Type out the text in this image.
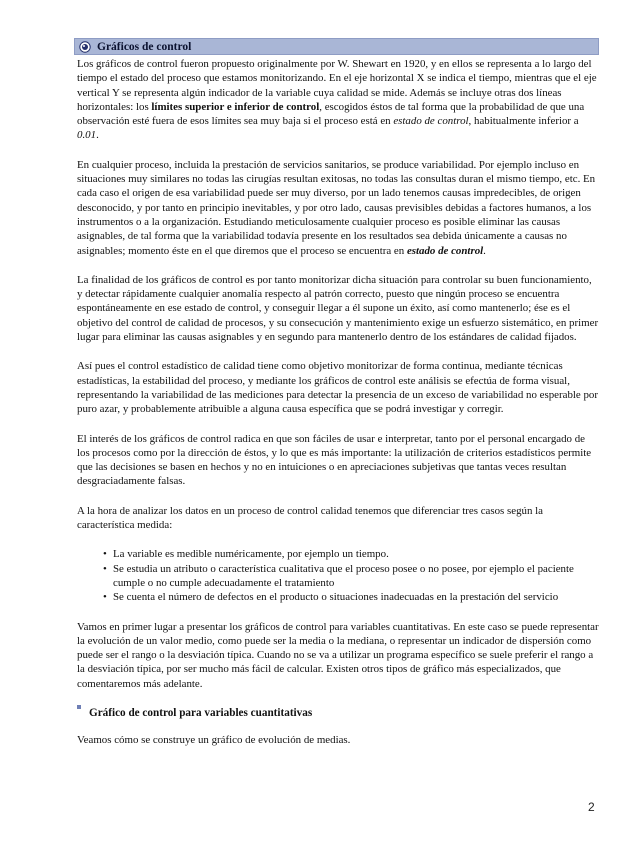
Gráficos de control

Los gráficos de control fueron propuesto originalmente por W. Shewart en 1920, y en ellos se representa a lo largo del tiempo el estado del proceso que estamos monitorizando. En el eje horizontal X se indica el tiempo, mientras que el eje vertical Y se representa algún indicador de la variable cuya calidad se mide. Además se incluye otras dos líneas horizontales: los límites superior e inferior de control, escogidos éstos de tal forma que la probabilidad de que una observación esté fuera de esos límites sea muy baja si el proceso está en estado de control, habitualmente inferior a 0.01.

En cualquier proceso, incluida la prestación de servicios sanitarios, se produce variabilidad. Por ejemplo incluso en situaciones muy similares no todas las cirugías resultan exitosas, no todas las consultas duran el mismo tiempo, etc. En cada caso el origen de esa variabilidad puede ser muy diverso, por un lado tenemos causas impredecibles, de origen desconocido, y por tanto en principio inevitables, y por otro lado, causas previsibles debidas a factores humanos, a los instrumentos o a la organización. Estudiando meticulosamente cualquier proceso es posible eliminar las causas asignables, de tal forma que la variabilidad todavía presente en los resultados sea debida únicamente a causas no asignables; momento éste en el que diremos que el proceso se encuentra en estado de control.

La finalidad de los gráficos de control es por tanto monitorizar dicha situación para controlar su buen funcionamiento, y detectar rápidamente cualquier anomalía respecto al patrón correcto, puesto que ningún proceso se encuentra espontáneamente en ese estado de control, y conseguir llegar a él supone un éxito, así como mantenerlo; ése es el objetivo del control de calidad de procesos, y su consecución y mantenimiento exige un esfuerzo sistemático, en primer lugar para eliminar las causas asignables y en segundo para mantenerlo dentro de los estándares de calidad fijados.

Así pues el control estadístico de calidad tiene como objetivo monitorizar de forma continua, mediante técnicas estadísticas, la estabilidad del proceso, y mediante los gráficos de control este análisis se efectúa de forma visual, representando la variabilidad de las mediciones para detectar la presencia de un exceso de variabilidad no esperable por puro azar, y probablemente atribuible a alguna causa específica que se podrá investigar y corregir.

El interés de los gráficos de control radica en que son fáciles de usar e interpretar, tanto por el personal encargado de los procesos como por la dirección de éstos, y lo que es más importante: la utilización de criterios estadísticos permite que las decisiones se basen en hechos y no en intuiciones o en apreciaciones subjetivas que tantas veces resultan desgraciadamente falsas.

A la hora de analizar los datos en un proceso de control calidad tenemos que diferenciar tres casos según la característica medida:

• La variable es medible numéricamente, por ejemplo un tiempo.
• Se estudia un atributo o característica cualitativa que el proceso posee o no posee, por ejemplo el paciente cumple o no cumple adecuadamente el tratamiento
• Se cuenta el número de defectos en el producto o situaciones inadecuadas en la prestación del servicio

Vamos en primer lugar a presentar los gráficos de control para variables cuantitativas. En este caso se puede representar la evolución de un valor medio, como puede ser la media o la mediana, o representar un indicador de dispersión como puede ser el rango o la desviación típica. Cuando no se va a utilizar un programa específico se suele preferir el rango a la desviación típica, por ser mucho más fácil de calcular. Existen otros tipos de gráfico más especializados, que comentaremos más adelante.

Gráfico de control para variables cuantitativas

Veamos cómo se construye un gráfico de evolución de medias.

2
